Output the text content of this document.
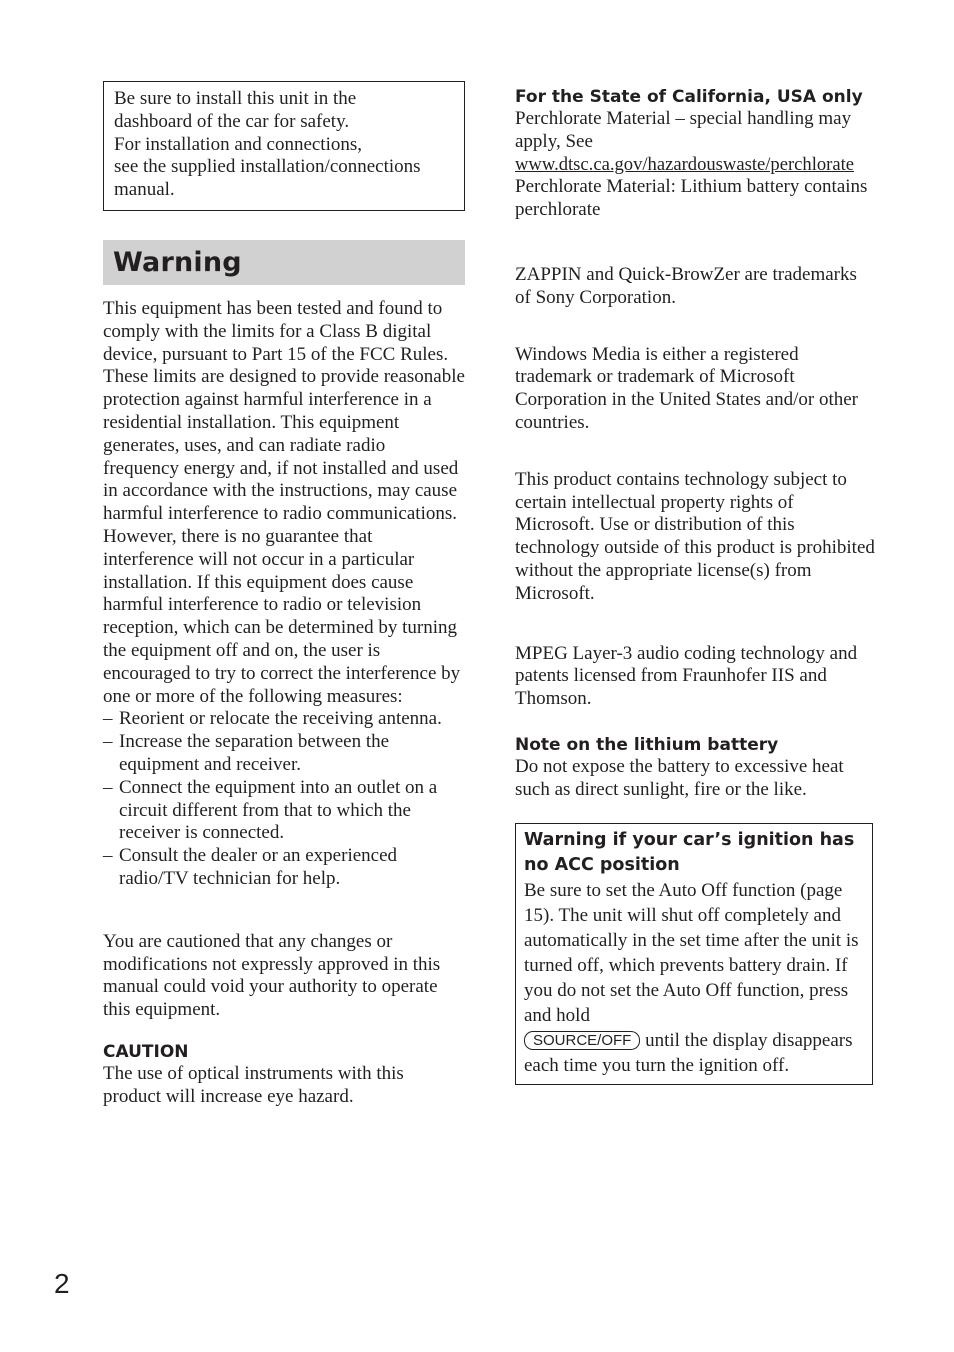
Be sure to install this unit in the
dashboard of the car for safety.
For installation and connections,
see the supplied installation/connections
manual.
Warning

This equipment has been tested and found to comply with the limits for a Class B digital device, pursuant to Part 15 of the FCC Rules. These limits are designed to provide reasonable protection against harmful interference in a residential installation. This equipment generates, uses, and can radiate radio frequency energy and, if not installed and used in accordance with the instructions, may cause harmful interference to radio communications. However, there is no guarantee that interference will not occur in a particular installation. If this equipment does cause harmful interference to radio or television reception, which can be determined by turning the equipment off and on, the user is encouraged to try to correct the interference by one or more of the following measures:

– Reorient or relocate the receiving antenna.
– Increase the separation between the equipment and receiver.
– Connect the equipment into an outlet on a circuit different from that to which the receiver is connected.
– Consult the dealer or an experienced radio/TV technician for help.

You are cautioned that any changes or modifications not expressly approved in this manual could void your authority to operate this equipment.

CAUTION

The use of optical instruments with this product will increase eye hazard.

For the State of California, USA only

Perchlorate Material – special handling may apply, See
www.dtsc.ca.gov/hazardouswaste/perchlorate
Perchlorate Material: Lithium battery contains perchlorate

ZAPPIN and Quick-BrowZer are trademarks of Sony Corporation.

Windows Media is either a registered trademark or trademark of Microsoft Corporation in the United States and/or other countries.

This product contains technology subject to certain intellectual property rights of Microsoft. Use or distribution of this technology outside of this product is prohibited without the appropriate license(s) from Microsoft.

MPEG Layer-3 audio coding technology and patents licensed from Fraunhofer IIS and Thomson.

Note on the lithium battery

Do not expose the battery to excessive heat such as direct sunlight, fire or the like.

Warning if your car’s ignition has no ACC position

Be sure to set the Auto Off function (page 15). The unit will shut off completely and automatically in the set time after the unit is turned off, which prevents battery drain. If you do not set the Auto Off function, press and hold
SOURCE/OFF until the display disappears each time you turn the ignition off.

2
